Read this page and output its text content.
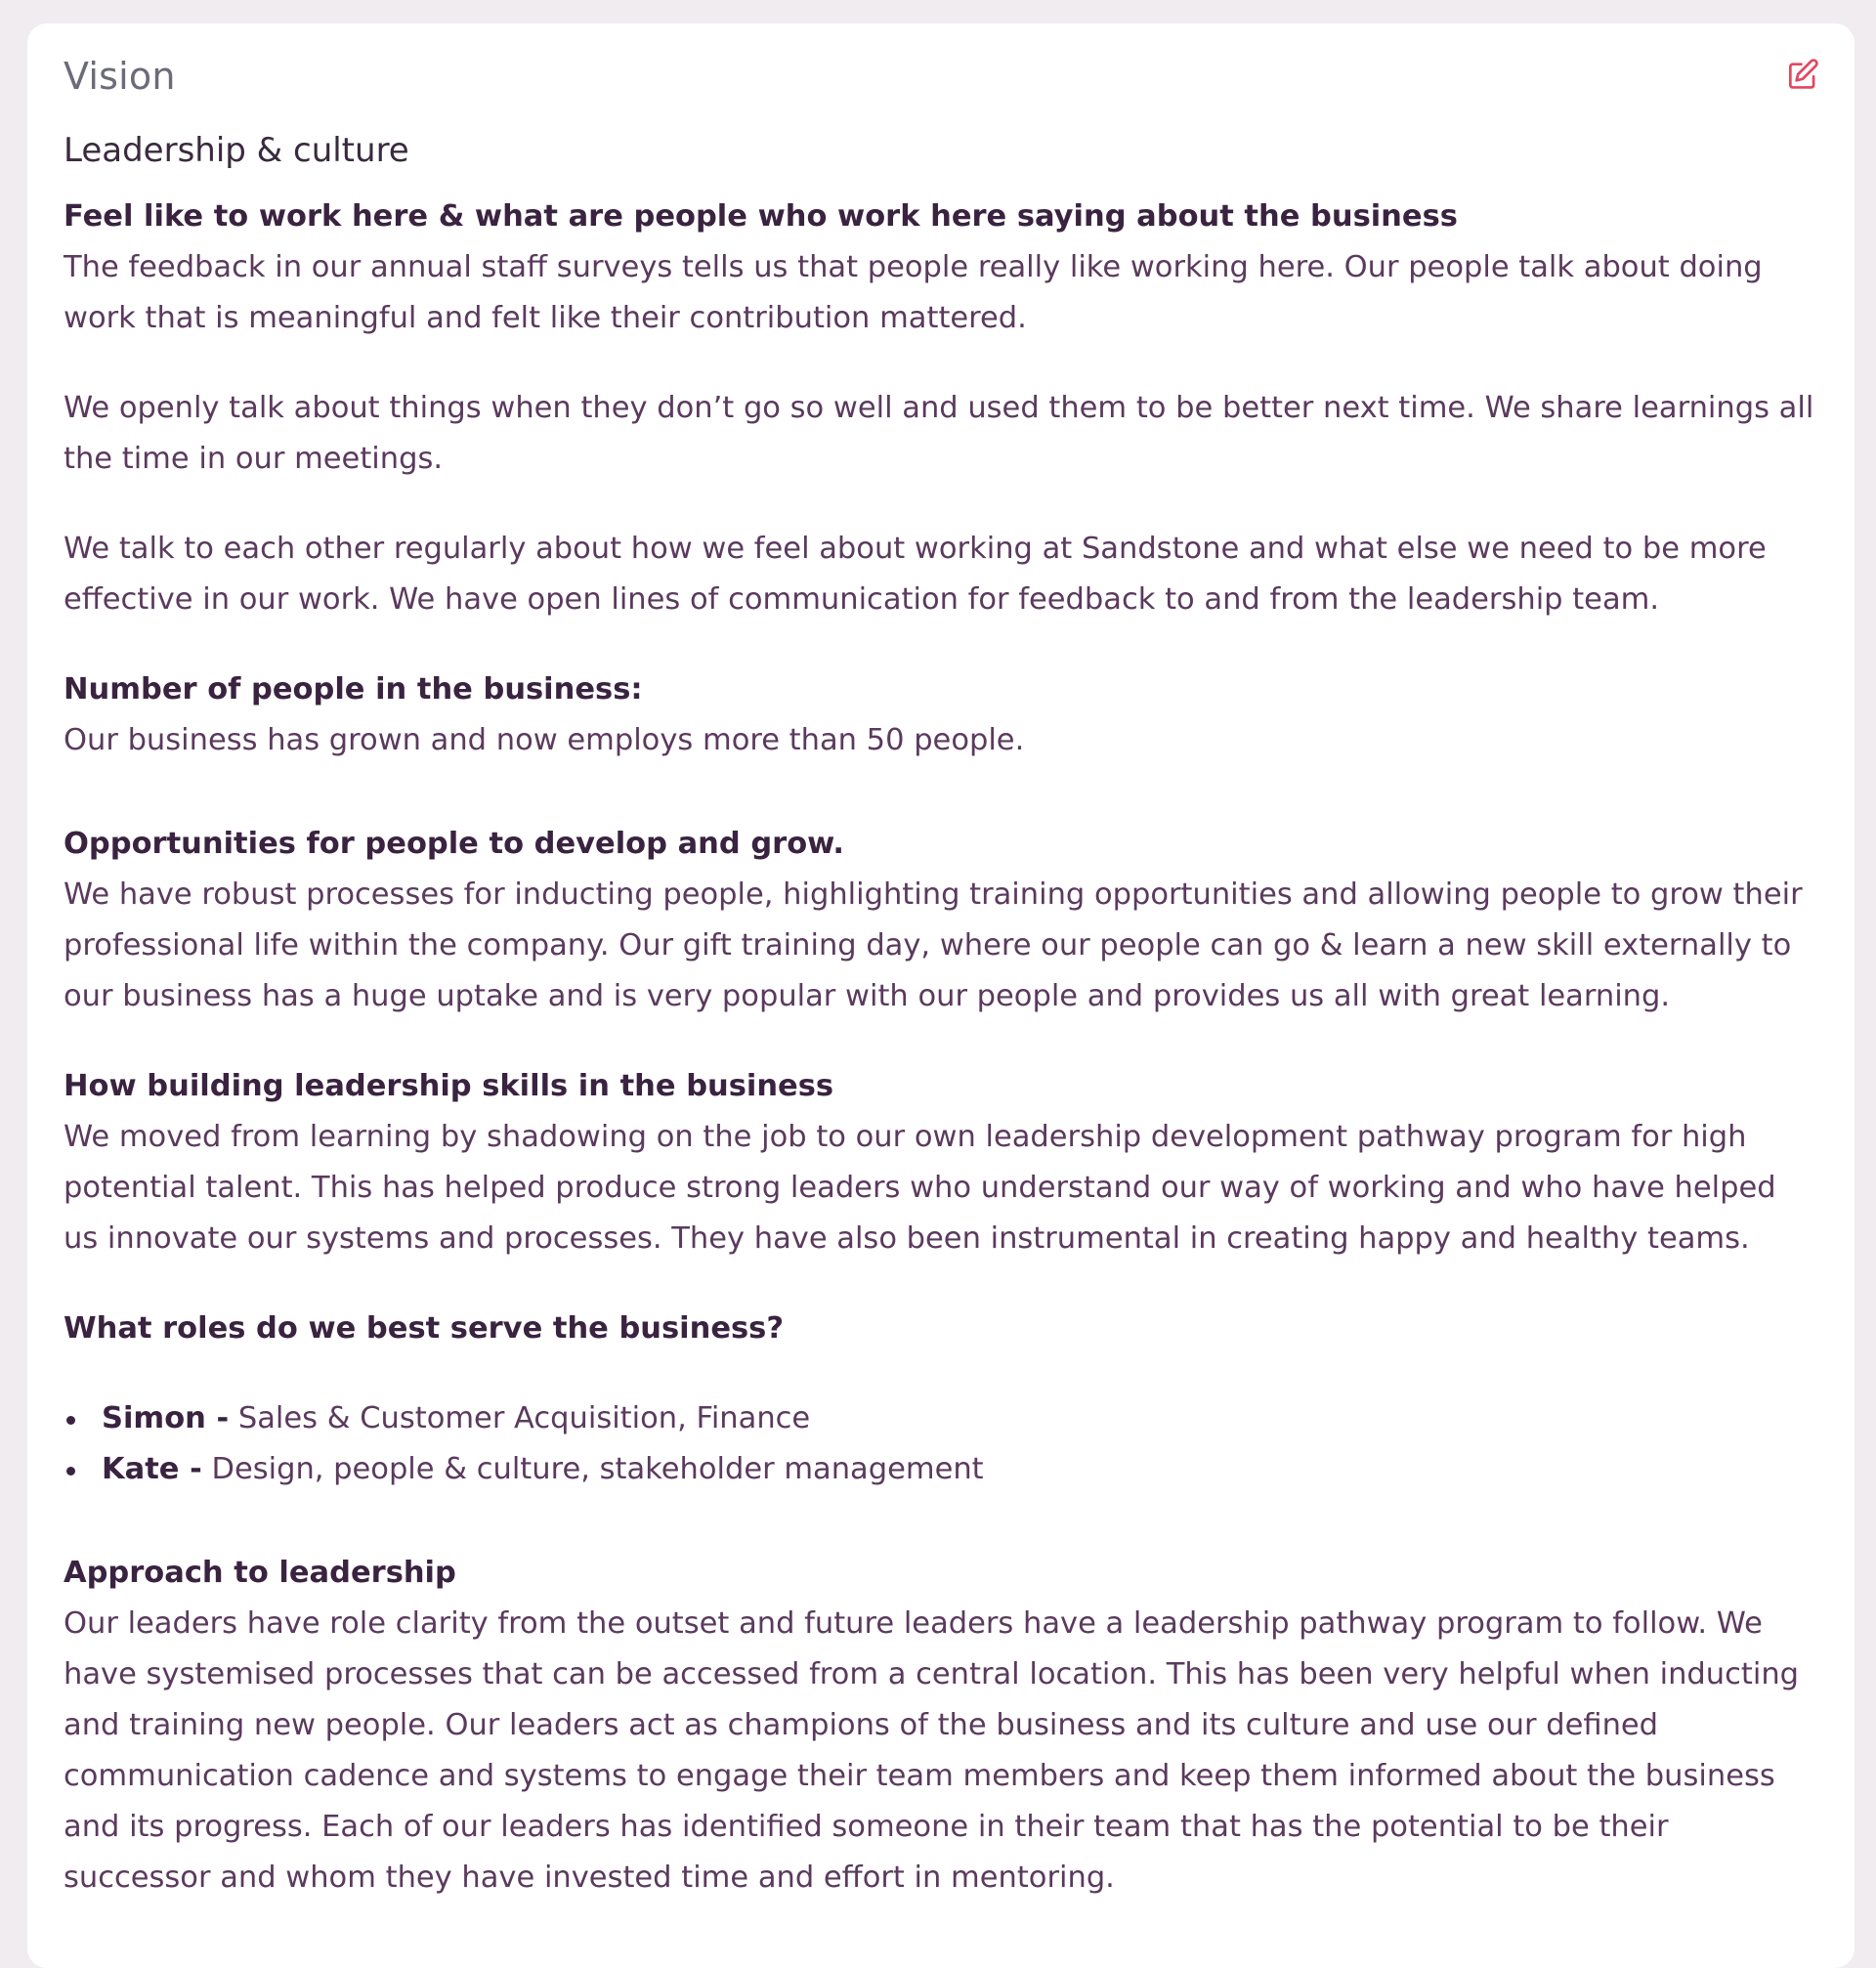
Vision
Leadership & culture

Feel like to work here & what are people who work here saying about the business

The feedback in our annual staff surveys tells us that people really like working here. Our people talk about doing work that is meaningful and felt like their contribution mattered.

We openly talk about things when they don’t go so well and used them to be better next time. We share learnings all the time in our meetings.

We talk to each other regularly about how we feel about working at Sandstone and what else we need to be more effective in our work. We have open lines of communication for feedback to and from the leadership team.

Number of people in the business:

Our business has grown and now employs more than 50 people.

Opportunities for people to develop and grow.

We have robust processes for inducting people, highlighting training opportunities and allowing people to grow their professional life within the company. Our gift training day, where our people can go & learn a new skill externally to our business has a huge uptake and is very popular with our people and provides us all with great learning.

How building leadership skills in the business

We moved from learning by shadowing on the job to our own leadership development pathway program for high potential talent. This has helped produce strong leaders who understand our way of working and who have helped us innovate our systems and processes. They have also been instrumental in creating happy and healthy teams.

What roles do we best serve the business?

Simon - Sales & Customer Acquisition, Finance
Kate - Design, people & culture, stakeholder management

Approach to leadership

Our leaders have role clarity from the outset and future leaders have a leadership pathway program to follow. We have systemised processes that can be accessed from a central location. This has been very helpful when inducting and training new people. Our leaders act as champions of the business and its culture and use our defined communication cadence and systems to engage their team members and keep them informed about the business and its progress. Each of our leaders has identified someone in their team that has the potential to be their successor and whom they have invested time and effort in mentoring.
